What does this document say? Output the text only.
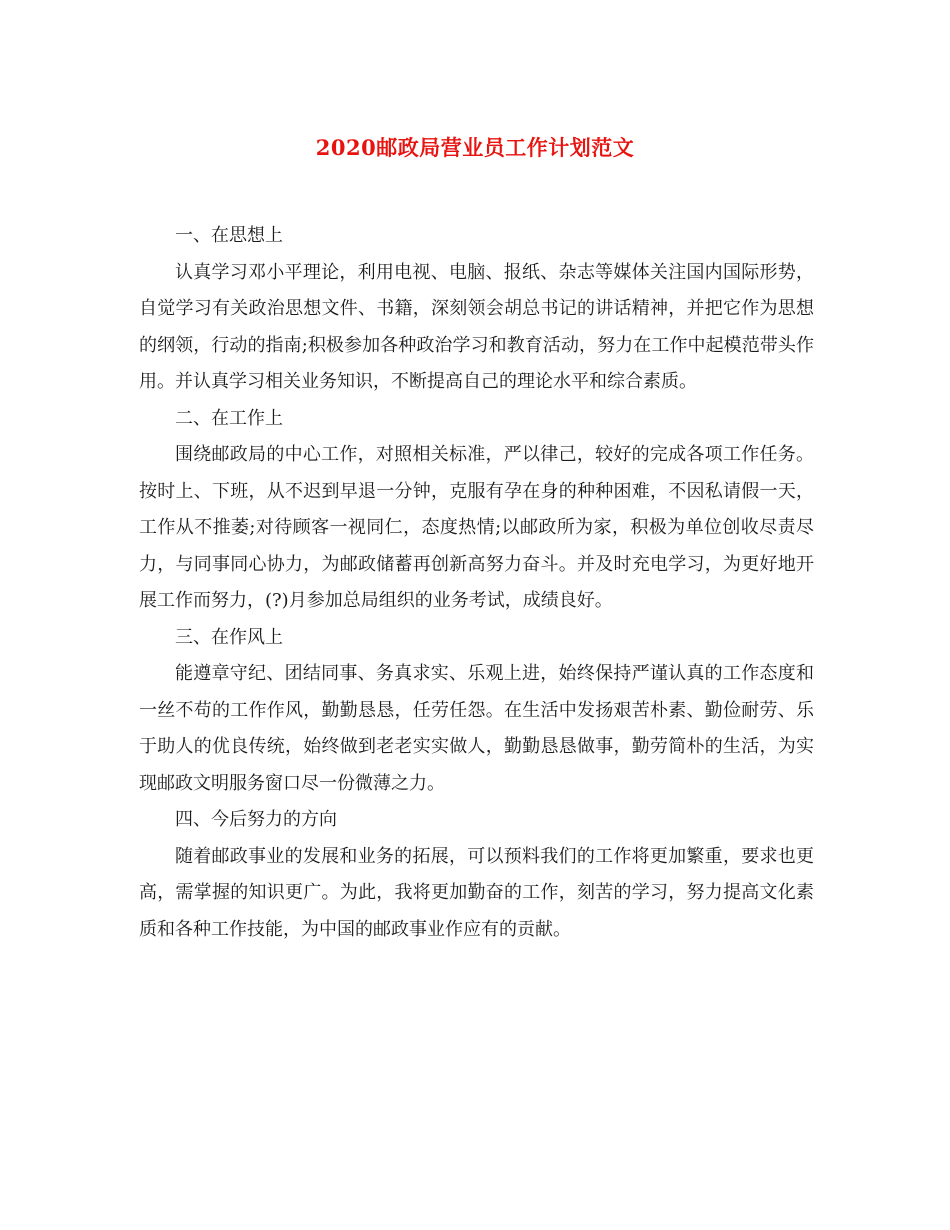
2020邮政局营业员工作计划范文

一、在思想上

认真学习邓小平理论，利用电视、电脑、报纸、杂志等媒体关注国内国际形势，自觉学习有关政治思想文件、书籍，深刻领会胡总书记的讲话精神，并把它作为思想的纲领，行动的指南;积极参加各种政治学习和教育活动，努力在工作中起模范带头作用。并认真学习相关业务知识，不断提高自己的理论水平和综合素质。

二、在工作上

围绕邮政局的中心工作，对照相关标准，严以律己，较好的完成各项工作任务。按时上、下班，从不迟到早退一分钟，克服有孕在身的种种困难，不因私请假一天，工作从不推萎;对待顾客一视同仁，态度热情;以邮政所为家，积极为单位创收尽责尽力，与同事同心协力，为邮政储蓄再创新高努力奋斗。并及时充电学习，为更好地开展工作而努力，(?)月参加总局组织的业务考试，成绩良好。

三、在作风上

能遵章守纪、团结同事、务真求实、乐观上进，始终保持严谨认真的工作态度和一丝不苟的工作作风，勤勤恳恳，任劳任怨。在生活中发扬艰苦朴素、勤俭耐劳、乐于助人的优良传统，始终做到老老实实做人，勤勤恳恳做事，勤劳简朴的生活，为实现邮政文明服务窗口尽一份微薄之力。

四、今后努力的方向

随着邮政事业的发展和业务的拓展，可以预料我们的工作将更加繁重，要求也更高，需掌握的知识更广。为此，我将更加勤奋的工作，刻苦的学习，努力提高文化素质和各种工作技能，为中国的邮政事业作应有的贡献。
